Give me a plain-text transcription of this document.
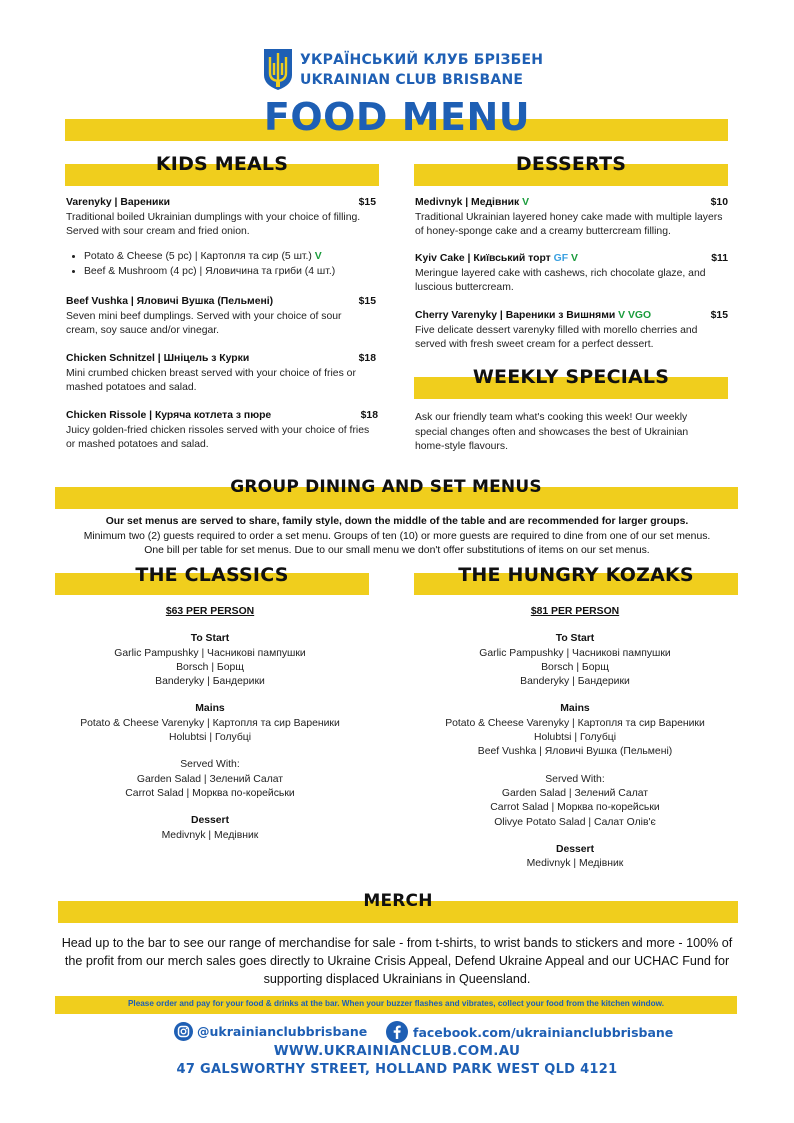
УКРАЇНСЬКИЙ КЛУБ БРІЗБЕН
UKRAINIAN CLUB BRISBANE
FOOD MENU
KIDS MEALS
Varenyky | Вареники	$15
Traditional boiled Ukrainian dumplings with your choice of filling. Served with sour cream and fried onion.
• Potato & Cheese (5 pc) | Картопля та сир (5 шт.) V
• Beef & Mushroom (4 pc) | Яловичина та гриби (4 шт.)
Beef Vushka | Яловичі Вушка (Пельмені)	$15
Seven mini beef dumplings. Served with your choice of sour cream, soy sauce and/or vinegar.
Chicken Schnitzel | Шніцель з Курки	$18
Mini crumbed chicken breast served with your choice of fries or mashed potatoes and salad.
Chicken Rissole | Куряча котлета з пюре	$18
Juicy golden-fried chicken rissoles served with your choice of fries or mashed potatoes and salad.
DESSERTS
Medivnyk | Медівник V	$10
Traditional Ukrainian layered honey cake made with multiple layers of honey-sponge cake and a creamy buttercream filling.
Kyiv Cake | Київський торт GF V	$11
Meringue layered cake with cashews, rich chocolate glaze, and luscious buttercream.
Cherry Varenyky | Вареники з Вишнями V VGO	$15
Five delicate dessert varenyky filled with morello cherries and served with fresh sweet cream for a perfect dessert.
WEEKLY SPECIALS
Ask our friendly team what's cooking this week! Our weekly special changes often and showcases the best of Ukrainian home-style flavours.
GROUP DINING AND SET MENUS
Our set menus are served to share, family style, down the middle of the table and are recommended for larger groups.
Minimum two (2) guests required to order a set menu. Groups of ten (10) or more guests are required to dine from one of our set menus.
One bill per table for set menus. Due to our small menu we don't offer substitutions of items on our set menus.
THE CLASSICS
$63 PER PERSON
To Start
Garlic Pampushky | Часникові пампушки
Borsch | Борщ
Banderyky | Бандерики
Mains
Potato & Cheese Varenyky | Картопля та сир Вареники
Holubtsi | Голубці
Served With:
Garden Salad | Зелений Салат
Carrot Salad | Морква по-корейськи
Dessert
Medivnyk | Медівник
THE HUNGRY KOZAKS
$81 PER PERSON
To Start
Garlic Pampushky | Часникові пампушки
Borsch | Борщ
Banderyky | Бандерики
Mains
Potato & Cheese Varenyky | Картопля та сир Вареники
Holubtsi | Голубці
Beef Vushka | Яловичі Вушка (Пельмені)
Served With:
Garden Salad | Зелений Салат
Carrot Salad | Морква по-корейськи
Olivye Potato Salad | Салат Олів'є
Dessert
Medivnyk | Медівник
MERCH
Head up to the bar to see our range of merchandise for sale - from t-shirts, to wrist bands to stickers and more - 100% of the profit from our merch sales goes directly to Ukraine Crisis Appeal, Defend Ukraine Appeal and our UCHAC Fund for supporting displaced Ukrainians in Queensland.
Please order and pay for your food & drinks at the bar. When your buzzer flashes and vibrates, collect your food from the kitchen window.
@ukrainianclubbrisbane	facebook.com/ukrainianclubbrisbane
WWW.UKRAINIANCLUB.COM.AU
47 GALSWORTHY STREET, HOLLAND PARK WEST QLD 4121
